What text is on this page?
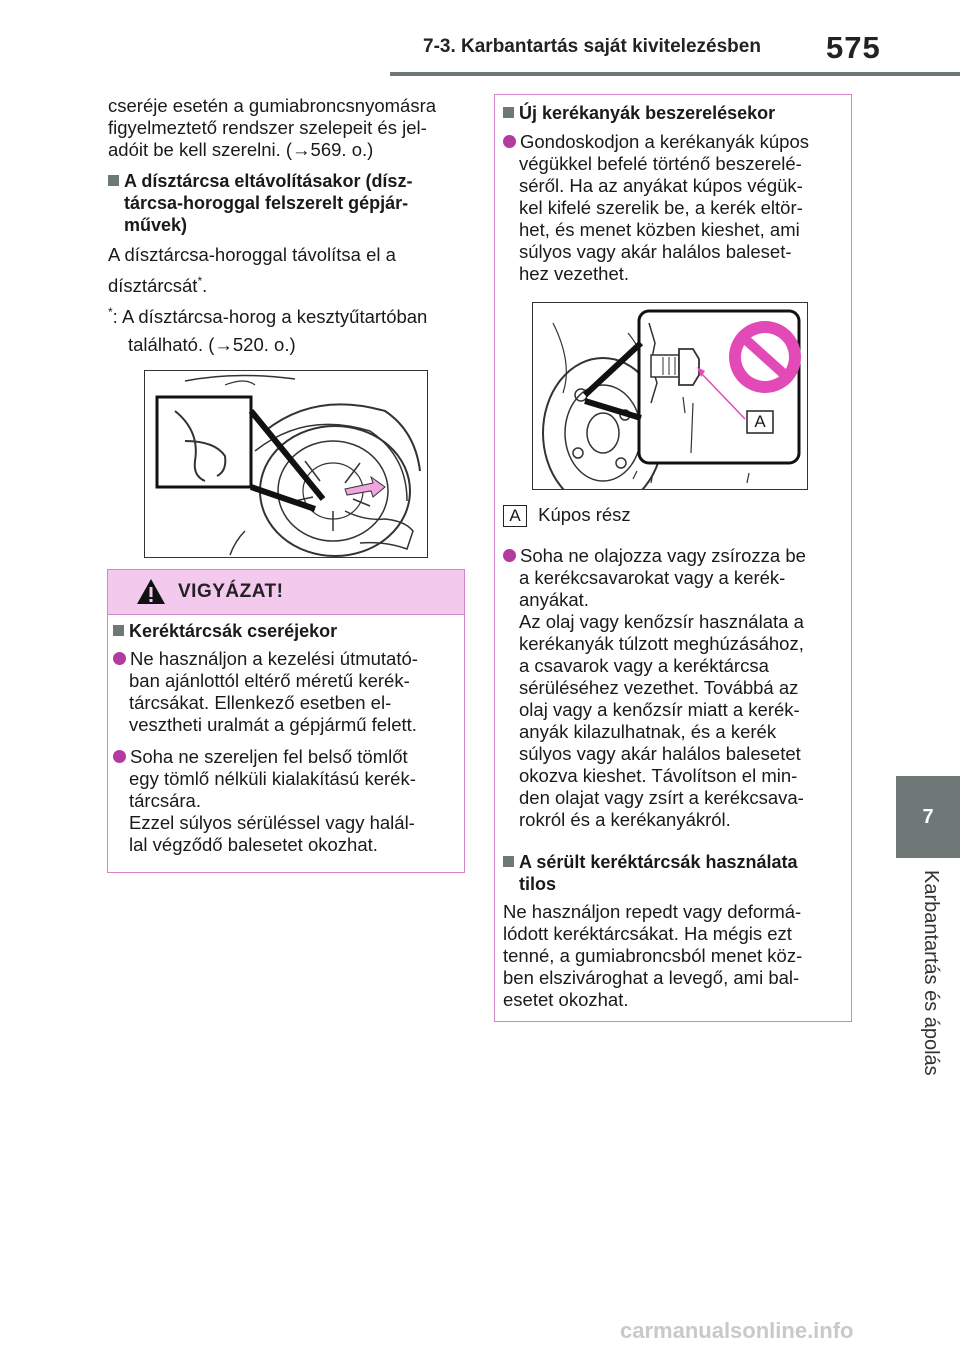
7-3. Karbantartás saját kivitelezésben 575
7
Karbantartás és ápolás
cseréje esetén a gumiabroncsnyomásra
figyelmeztető rendszer szelepeit és jel-
adóit be kell szerelni. (→569. o.)
A dísztárcsa eltávolításakor (dísz-
tárcsa-horoggal felszerelt gépjár-
művek)
A dísztárcsa-horoggal távolítsa el a
dísztárcsát*.
*: A dísztárcsa-horog a kesztyűtartóban
található. (→520. o.)
VIGYÁZAT!
Keréktárcsák cseréjekor
Ne használjon a kezelési útmutató-
ban ajánlottól eltérő méretű kerék-
tárcsákat. Ellenkező esetben el-
vesztheti uralmát a gépjármű felett.
Soha ne szereljen fel belső tömlőt
egy tömlő nélküli kialakítású kerék-
tárcsára.
Ezzel súlyos sérüléssel vagy halál-
lal végződő balesetet okozhat.
Új kerékanyák beszerelésekor
Gondoskodjon a kerékanyák kúpos
végükkel befelé történő beszerelé-
séről. Ha az anyákat kúpos végük-
kel kifelé szerelik be, a kerék eltör-
het, és menet közben kieshet, ami
súlyos vagy akár halálos baleset-
hez vezethet.
A
A Kúpos rész
Soha ne olajozza vagy zsírozza be
a kerékcsavarokat vagy a kerék-
anyákat.
Az olaj vagy kenőzsír használata a
kerékanyák túlzott meghúzásához,
a csavarok vagy a keréktárcsa
sérüléséhez vezethet. Továbbá az
olaj vagy a kenőzsír miatt a kerék-
anyák kilazulhatnak, és a kerék
súlyos vagy akár halálos balesetet
okozva kieshet. Távolítson el min-
den olajat vagy zsírt a kerékcsava-
rokról és a kerékanyákról.
A sérült keréktárcsák használata
tilos
Ne használjon repedt vagy deformá-
lódott keréktárcsákat. Ha mégis ezt
tenné, a gumiabroncsból menet köz-
ben elszivároghat a levegő, ami bal-
esetet okozhat.
carmanualsonline.info
